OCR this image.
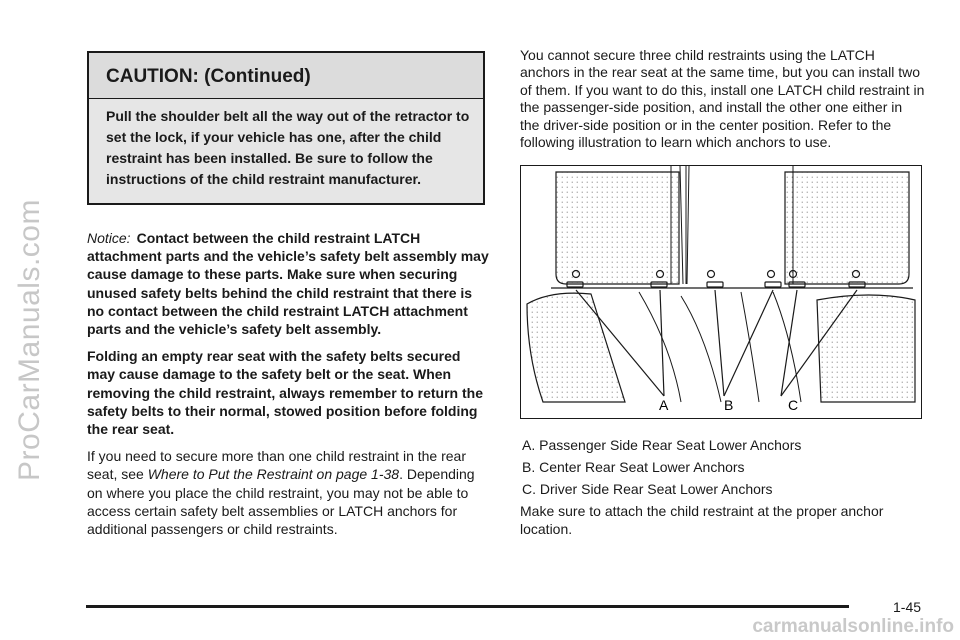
ProCarManuals.com
CAUTION: (Continued)
Pull the shoulder belt all the way out of the retractor to set the lock, if your vehicle has one, after the child restraint has been installed. Be sure to follow the instructions of the child restraint manufacturer.

Notice: Contact between the child restraint LATCH attachment parts and the vehicle’s safety belt assembly may cause damage to these parts. Make sure when securing unused safety belts behind the child restraint that there is no contact between the child restraint LATCH attachment parts and the vehicle’s safety belt assembly.

Folding an empty rear seat with the safety belts secured may cause damage to the safety belt or the seat. When removing the child restraint, always remember to return the safety belts to their normal, stowed position before folding the rear seat.

If you need to secure more than one child restraint in the rear seat, see Where to Put the Restraint on page 1-38. Depending on where you place the child restraint, you may not be able to access certain safety belt assemblies or LATCH anchors for additional passengers or child restraints.

You cannot secure three child restraints using the LATCH anchors in the rear seat at the same time, but you can install two of them. If you want to do this, install one LATCH child restraint in the passenger-side position, and install the other one either in the driver-side position or in the center position. Refer to the following illustration to learn which anchors to use.

A	B	C
A. Passenger Side Rear Seat Lower Anchors
B. Center Rear Seat Lower Anchors
C. Driver Side Rear Seat Lower Anchors

Make sure to attach the child restraint at the proper anchor location.

1-45
carmanualsonline.info
